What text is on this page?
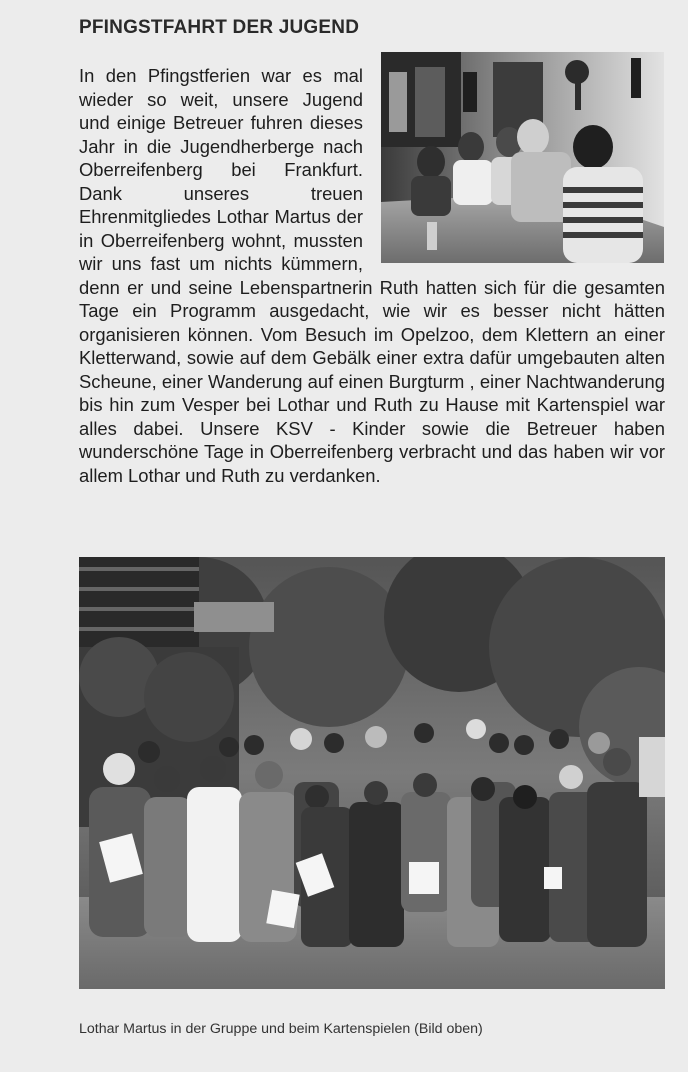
PFINGSTFAHRT DER JUGEND

In den Pfingstferien war es mal wieder so weit, unsere Jugend und einige Betreuer fuhren dieses Jahr in die Jugendherberge nach Oberreifenberg bei Frankfurt. Dank unseres treuen Ehrenmitgliedes Lothar Martus der in Oberreifenberg wohnt, mussten wir uns fast um nichts kümmern, denn er und seine Lebenspartnerin Ruth hatten sich für die gesamten Tage ein Programm ausgedacht, wie wir es besser nicht hätten organisieren können. Vom Besuch im Opelzoo, dem Klettern an einer Kletterwand, sowie auf dem Gebälk einer extra dafür umgebauten alten Scheune, einer Wanderung auf einen Burgturm , einer Nachtwanderung bis hin zum Vesper bei Lothar und Ruth zu Hause mit Kartenspiel war alles dabei. Unsere KSV - Kinder sowie die Betreuer haben wunderschöne Tage in Oberreifenberg verbracht und das haben wir vor allem Lothar und Ruth zu verdanken.

Lothar Martus in der Gruppe und beim Kartenspielen (Bild oben)
